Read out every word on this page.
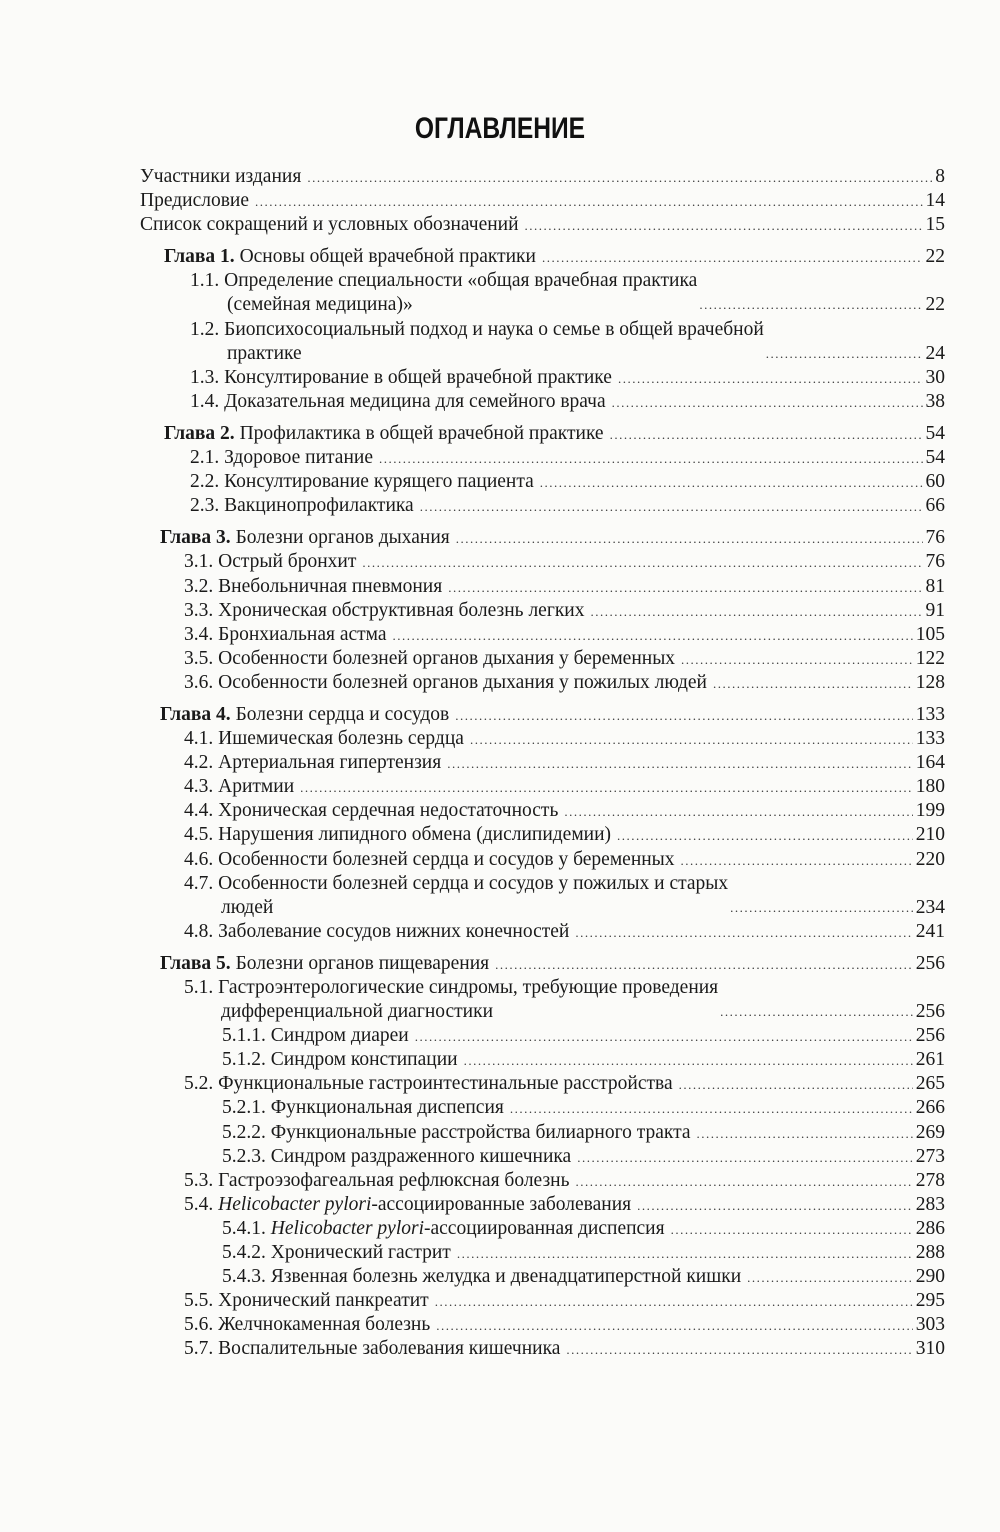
ОГЛАВЛЕНИЕ
Участники издания .....	8
Предисловие .....	14
Список сокращений и условных обозначений .....	15
Глава 1. Основы общей врачебной практики .....	22
1.1. Определение специальности «общая врачебная практика
(семейная медицина)» .....	22
1.2. Биопсихосоциальный подход и наука о семье в общей врачебной
практике .....	24
1.3. Консултирование в общей врачебной практике .....	30
1.4. Доказательная медицина для семейного врача .....	38
Глава 2. Профилактика в общей врачебной практике .....	54
2.1. Здоровое питание .....	54
2.2. Консултирование курящего пациента .....	60
2.3. Вакцинопрофилактика .....	66
Глава 3. Болезни органов дыхания .....	76
3.1. Острый бронхит .....	76
3.2. Внебольничная пневмония .....	81
3.3. Хроническая обструктивная болезнь легких .....	91
3.4. Бронхиальная астма .....	105
3.5. Особенности болезней органов дыхания у беременных .....	122
3.6. Особенности болезней органов дыхания у пожилых людей .....	128
Глава 4. Болезни сердца и сосудов .....	133
4.1. Ишемическая болезнь сердца .....	133
4.2. Артериальная гипертензия .....	164
4.3. Аритмии .....	180
4.4. Хроническая сердечная недостаточность .....	199
4.5. Нарушения липидного обмена (дислипидемии) .....	210
4.6. Особенности болезней сердца и сосудов у беременных .....	220
4.7. Особенности болезней сердца и сосудов у пожилых и старых
людей .....	234
4.8. Заболевание сосудов нижних конечностей .....	241
Глава 5. Болезни органов пищеварения .....	256
5.1. Гастроэнтерологические синдромы, требующие проведения
дифференциальной диагностики .....	256
5.1.1. Синдром диареи .....	256
5.1.2. Синдром констипации .....	261
5.2. Функциональные гастроинтестинальные расстройства .....	265
5.2.1. Функциональная диспепсия .....	266
5.2.2. Функциональные расстройства билиарного тракта .....	269
5.2.3. Синдром раздраженного кишечника .....	273
5.3. Гастроэзофагеальная рефлюксная болезнь .....	278
5.4. Helicobacter pylori-ассоциированные заболевания .....	283
5.4.1. Helicobacter pylori-ассоциированная диспепсия .....	286
5.4.2. Хронический гастрит .....	288
5.4.3. Язвенная болезнь желудка и двенадцатиперстной кишки .....	290
5.5. Хронический панкреатит .....	295
5.6. Желчнокаменная болезнь .....	303
5.7. Воспалительные заболевания кишечника .....	310
